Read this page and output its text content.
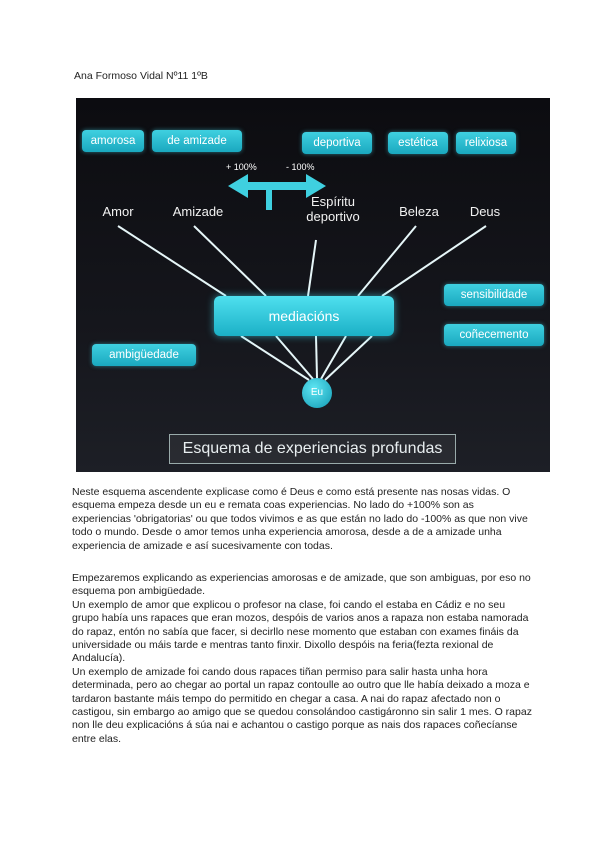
Ana Formoso Vidal Nº11 1ºB
amorosa	de amizade	deportiva	estética	relixiosa
+ 100%	- 100%
Amor	Amizade
Espíritu deportivo	Beleza	Deus
sensibilidade
coñecemento
ambigüedade
mediacións
Eu
Esquema de experiencias profundas

Neste esquema ascendente explicase como é Deus e como está presente nas nosas vidas. O esquema empeza desde un eu e remata coas experiencias. No lado do +100% son as experiencias 'obrigatorias' ou que todos vivimos e as que están no lado do -100% as que non vive todo o mundo. Desde o amor temos unha experiencia amorosa, desde a de a amizade unha experiencia de amizade e así sucesivamente con todas.

Empezaremos explicando as experiencias amorosas e de amizade, que son ambiguas, por eso no esquema pon ambigüedade.

Un exemplo de amor que explicou o profesor na clase, foi cando el estaba en Cádiz e no seu grupo había uns rapaces que eran mozos, despóis de varios anos a rapaza non estaba namorada do rapaz, entón no sabía que facer, si decirllo nese momento que estaban con exames fináis da universidade ou máis tarde e mentras tanto finxir. Dixollo despóis na feria(fezta rexional de Andalucía).

Un exemplo de amizade foi cando dous rapaces tiñan permiso para salir hasta unha hora determinada, pero ao chegar ao portal un rapaz contoulle ao outro que lle había deixado a moza e tardaron bastante máis tempo do permitido en chegar a casa. A nai do rapaz afectado non o castigou, sin embargo ao amigo que se quedou consolándoo castigáronno sin salir 1 mes. O rapaz non lle deu explicacións á súa nai e achantou o castigo porque as nais dos rapaces coñecíanse entre elas.
